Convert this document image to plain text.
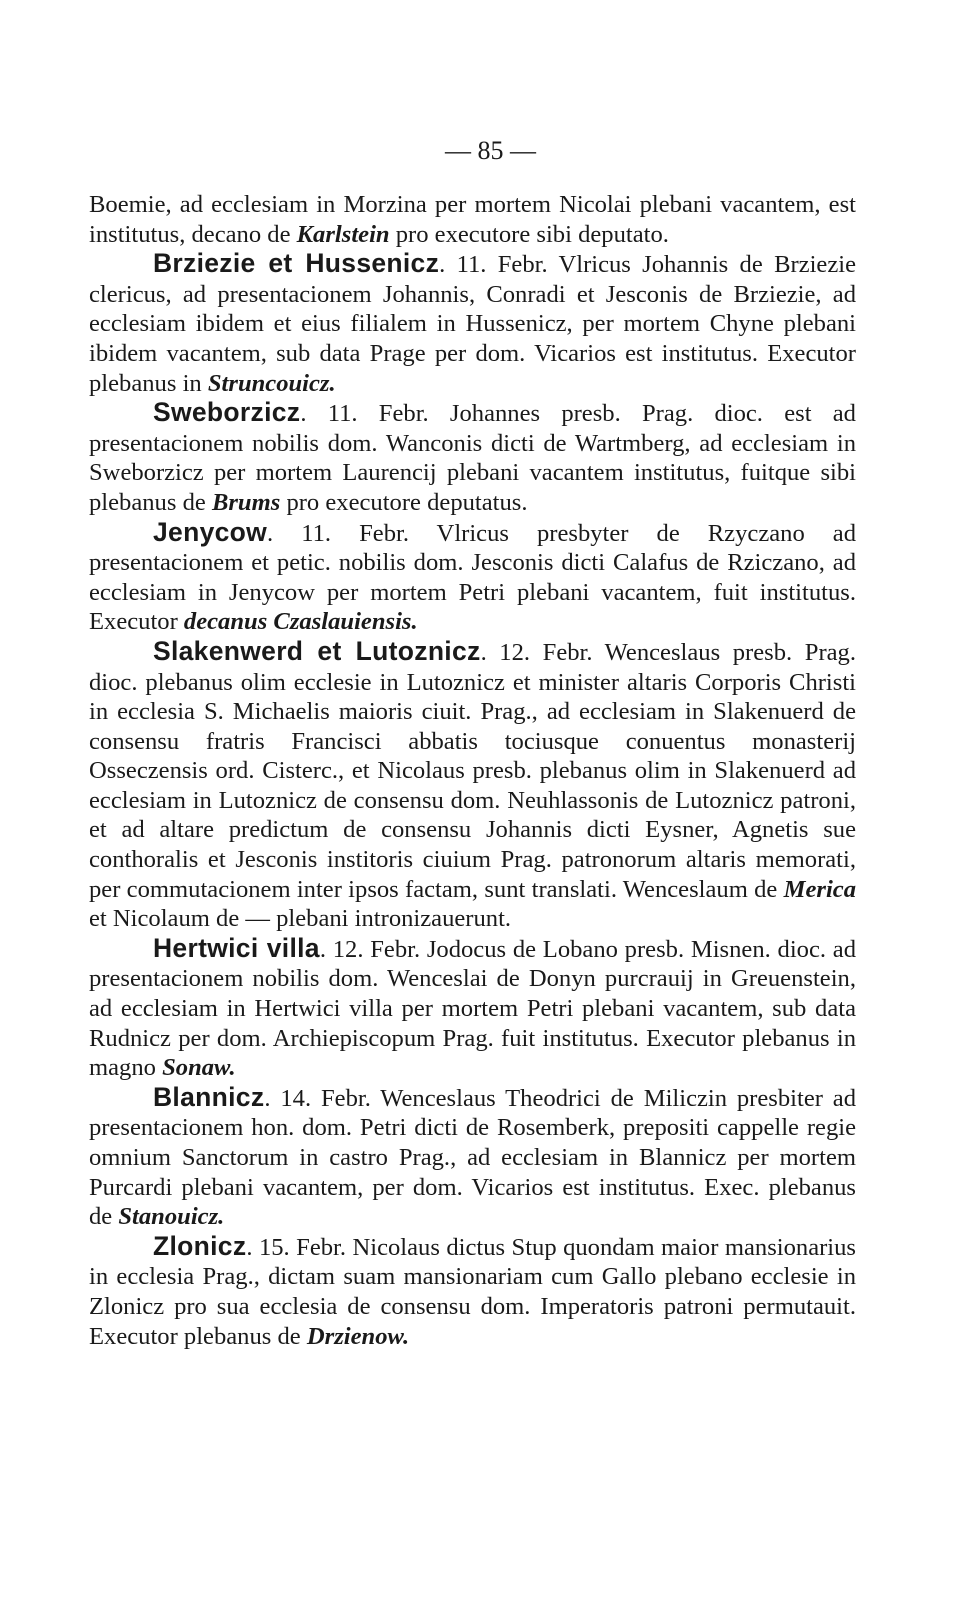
— 85 —

Boemie, ad ecclesiam in Morzina per mortem Nicolai plebani vacantem, est institutus, decano de Karlstein pro executore sibi deputato.

Brziezie et Hussenicz. 11. Febr. Vlricus Johannis de Brziezie clericus, ad presentacionem Johannis, Conradi et Jesconis de Brziezie, ad ecclesiam ibidem et eius filialem in Hussenicz, per mortem Chyne plebani ibidem vacantem, sub data Prage per dom. Vicarios est institutus. Executor plebanus in Struncouicz.

Sweborzicz. 11. Febr. Johannes presb. Prag. dioc. est ad presentacionem nobilis dom. Wanconis dicti de Wartmberg, ad ecclesiam in Sweborzicz per mortem Laurencij plebani vacantem institutus, fuitque sibi plebanus de Brums pro executore deputatus.

Jenycow. 11. Febr. Vlricus presbyter de Rzyczano ad presentacionem et petic. nobilis dom. Jesconis dicti Calafus de Rziczano, ad ecclesiam in Jenycow per mortem Petri plebani vacantem, fuit institutus. Executor decanus Czaslauiensis.

Slakenwerd et Lutoznicz. 12. Febr. Wenceslaus presb. Prag. dioc. plebanus olim ecclesie in Lutoznicz et minister altaris Corporis Christi in ecclesia S. Michaelis maioris ciuit. Prag., ad ecclesiam in Slakenuerd de consensu fratris Francisci abbatis tociusque conuentus monasterij Osseczensis ord. Cisterc., et Nicolaus presb. plebanus olim in Slakenuerd ad ecclesiam in Lutoznicz de consensu dom. Neuhlassonis de Lutoznicz patroni, et ad altare predictum de consensu Johannis dicti Eysner, Agnetis sue conthoralis et Jesconis institoris ciuium Prag. patronorum altaris memorati, per commutacionem inter ipsos factam, sunt translati. Wenceslaum de Merica et Nicolaum de — plebani intronizauerunt.

Hertwici villa. 12. Febr. Jodocus de Lobano presb. Misnen. dioc. ad presentacionem nobilis dom. Wenceslai de Donyn purcrauij in Greuenstein, ad ecclesiam in Hertwici villa per mortem Petri plebani vacantem, sub data Rudnicz per dom. Archiepiscopum Prag. fuit institutus. Executor plebanus in magno Sonaw.

Blannicz. 14. Febr. Wenceslaus Theodrici de Miliczin presbiter ad presentacionem hon. dom. Petri dicti de Rosemberk, prepositi cappelle regie omnium Sanctorum in castro Prag., ad ecclesiam in Blannicz per mortem Purcardi plebani vacantem, per dom. Vicarios est institutus. Exec. plebanus de Stanouicz.

Zlonicz. 15. Febr. Nicolaus dictus Stup quondam maior mansionarius in ecclesia Prag., dictam suam mansionariam cum Gallo plebano ecclesie in Zlonicz pro sua ecclesia de consensu dom. Imperatoris patroni permutauit. Executor plebanus de Drzienow.
